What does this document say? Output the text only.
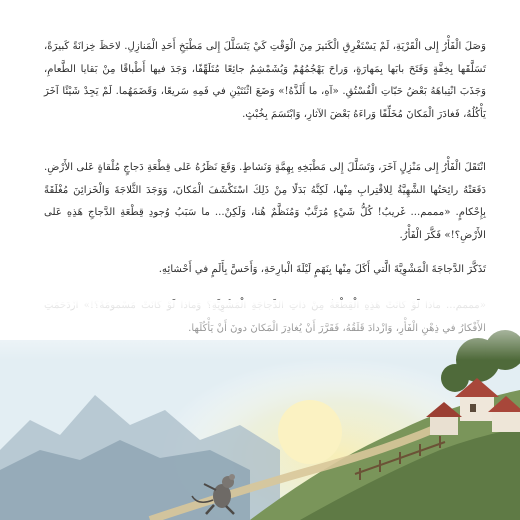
وَصَلَ الْفَأْرُ إِلى الْقَرْيَةِ، لَمْ يَسْتَغْرِقِ الْكَثيرَ مِنَ الْوَقْتِ كَيْ يَتَسَلَّلَ إِلى مَطْبَخِ أَحَدِ الْمَنازِلِ. لاحَظَ خِزانَةً كَبيرَةً، تَسَلَّقَها بِخِفَّةٍ وَفَتَحَ بابَها بِمَهارَةٍ، وَراحَ يَهْجُمُهُمْ وَيُشَمْشِمُ جائِعًا مُتَلَهِّفًا، وَجَدَ فيها أَطْباقًا مِنْ بَقايا الطَّعامِ، وَجَذَبَ انْتِباهَهُ بَعْضُ حَبّاتِ الْفُسْتُقِ. «آهِ، ما أَلَذَّهُ!» وَضَعَ اثْنَتَيْنِ في فَمِهِ سَريعًا، وَقَضَمَهُما. لَمْ يَجِدْ شَيْئًا آخَرَ يَأْكُلُهُ، فَغادَرَ الْمَكانَ مُخَلِّفًا وَراءَهُ بَعْضَ الآثارِ، وَابْتَسَمَ بِخُبْثٍ.

انْتَقَلَ الْفَأْرُ إِلى مَنْزِلٍ آخَرَ، وَتَسَلَّلَ إِلى مَطْبَخِهِ بِهِمَّةٍ وَنَشاطٍ. وَقَعَ نَظَرُهُ عَلى قِطْعَةِ دَجاجٍ مُلْقاةٍ عَلى الأَرْضِ. دَفَعَتْهُ رائِحَتُها الشَّهِيَّةُ لِلاقْتِرابِ مِنْها، لَكِنَّهُ بَدَلًا مِنْ ذَلِكَ اسْتَكْشَفَ الْمَكانَ، وَوَجَدَ الثَّلاجَةَ وَالْخَزائِنَ مُغْلَقَةً بِإِحْكامٍ. «مممم... غَريبٌ! كُلُّ شَيْءٍ مُرَتَّبٌ وَمُنَظَّمٌ هُنا، وَلَكِنْ... ما سَبَبُ وُجودِ قِطْعَةِ الدَّجاجِ هَذِهِ عَلى الأَرْضِ؟!» فَكَّرَ الْفَأْرُ.

تَذَكَّرَ الدَّجاجَةَ الْمَشْوِيَّةَ الَّتي أَكَلَ مِنْها بِنَهَمٍ لَيْلَةَ الْبارِحَةِ، وَأَحَسَّ بِأَلَمٍ في أَحْشائِهِ.
